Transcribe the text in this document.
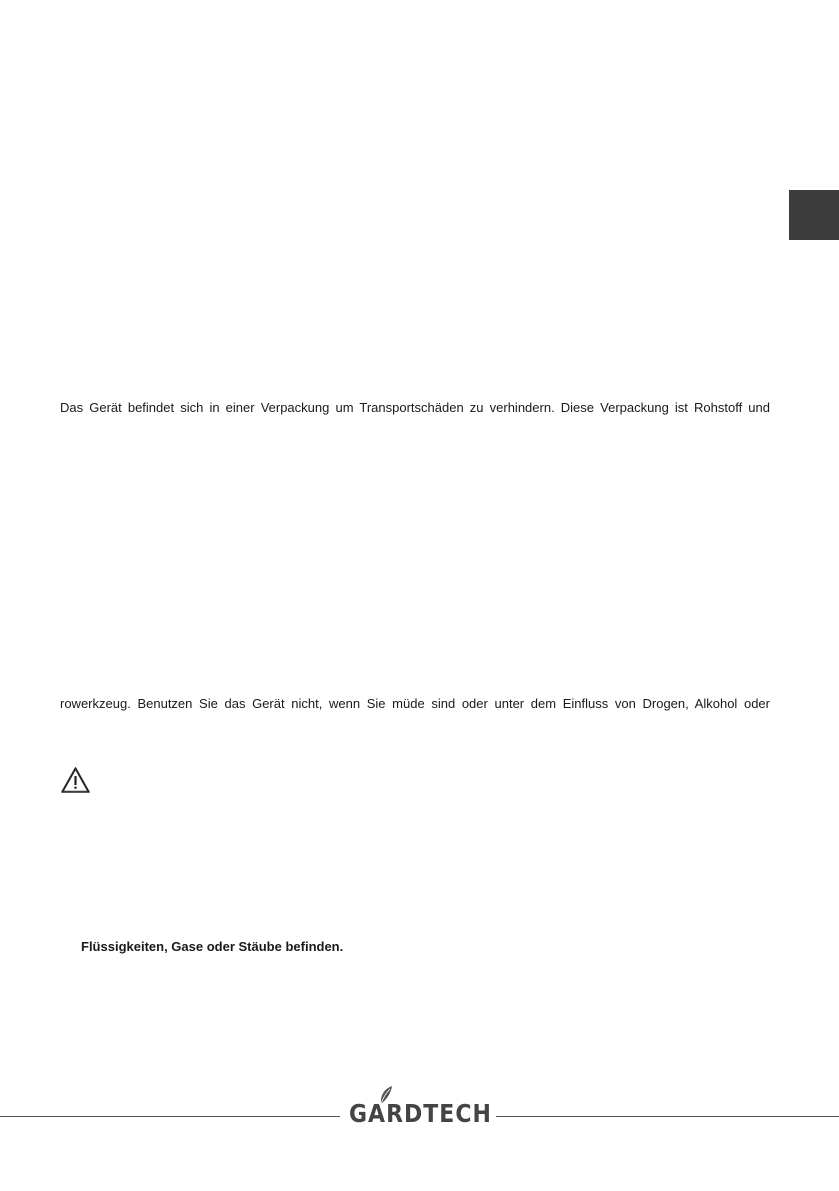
Das Gerät befindet sich in einer Verpackung um Transportschäden zu verhindern. Diese Verpackung ist Rohstoff und
rowerkzeug. Benutzen Sie das Gerät nicht, wenn Sie müde sind oder unter dem Einfluss von Drogen, Alkohol oder
Flüssigkeiten, Gase oder Stäube befinden.
GARDTECH
